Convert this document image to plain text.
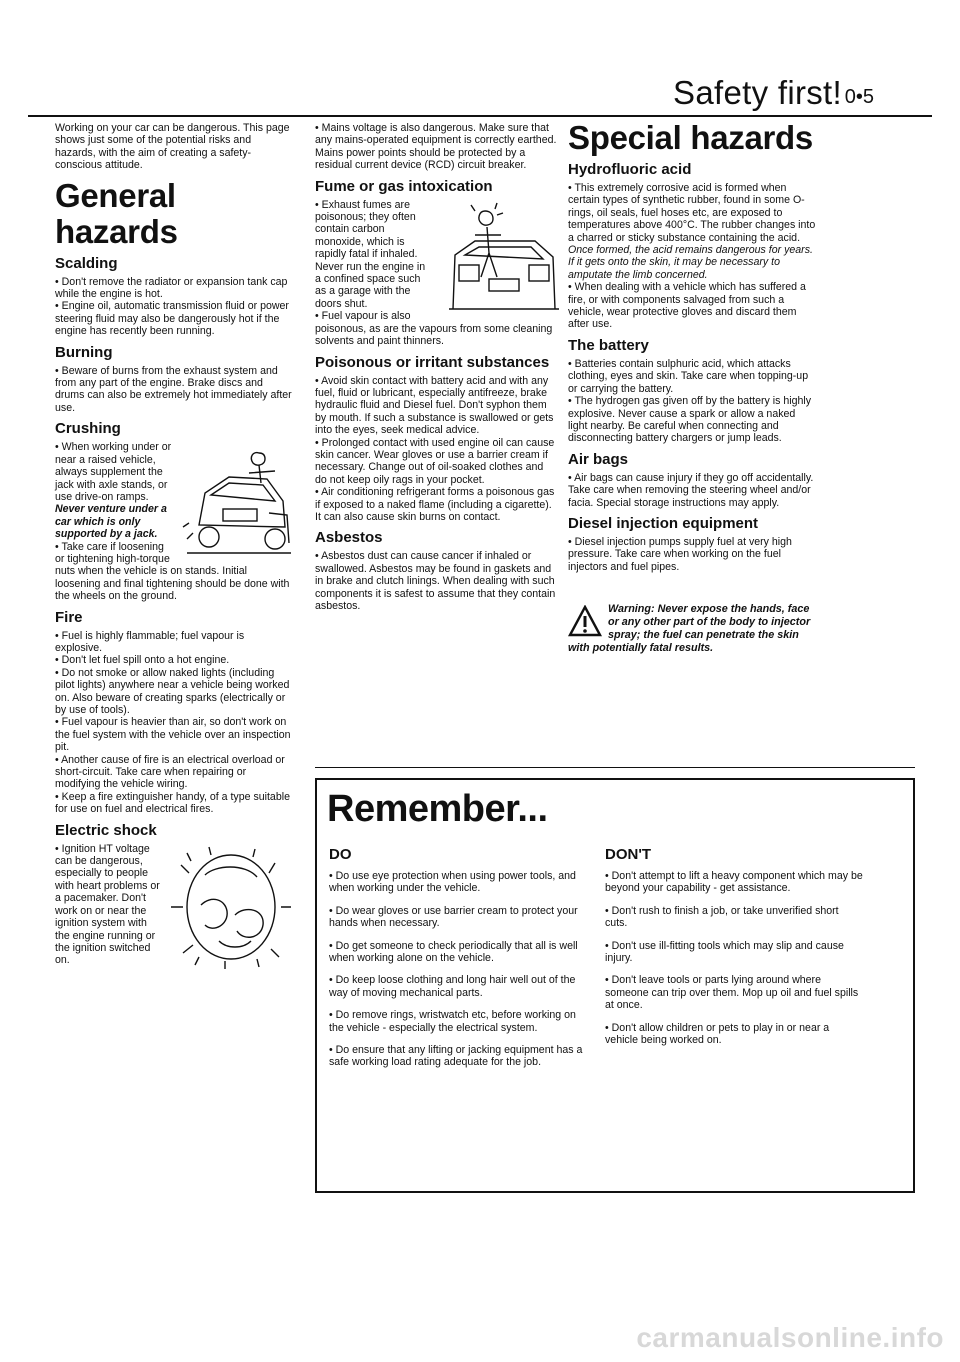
Safety first! 0•5

Working on your car can be dangerous. This page shows just some of the potential risks and hazards, with the aim of creating a safety-conscious attitude.

General hazards
Scalding

• Don't remove the radiator or expansion tank cap while the engine is hot.

• Engine oil, automatic transmission fluid or power steering fluid may also be dangerously hot if the engine has recently been running.

Burning

• Beware of burns from the exhaust system and from any part of the engine. Brake discs and drums can also be extremely hot immediately after use.

Crushing

• When working under or near a raised vehicle, always supplement the jack with axle stands, or use drive-on ramps.

Never venture under a car which is only supported by a jack.

• Take care if loosening or tightening high-torque nuts when the vehicle is on stands. Initial loosening and final tightening should be done with the wheels on the ground.

Fire

• Fuel is highly flammable; fuel vapour is explosive.

• Don't let fuel spill onto a hot engine.

• Do not smoke or allow naked lights (including pilot lights) anywhere near a vehicle being worked on. Also beware of creating sparks (electrically or by use of tools).

• Fuel vapour is heavier than air, so don't work on the fuel system with the vehicle over an inspection pit.

• Another cause of fire is an electrical overload or short-circuit. Take care when repairing or modifying the vehicle wiring.

• Keep a fire extinguisher handy, of a type suitable for use on fuel and electrical fires.

Electric shock

• Ignition HT voltage can be dangerous, especially to people with heart problems or a pacemaker. Don't work on or near the ignition system with the engine running or the ignition switched on.

• Mains voltage is also dangerous. Make sure that any mains-operated equipment is correctly earthed. Mains power points should be protected by a residual current device (RCD) circuit breaker.

Fume or gas intoxication

• Exhaust fumes are poisonous; they often contain carbon monoxide, which is rapidly fatal if inhaled. Never run the engine in a confined space such as a garage with the doors shut.

• Fuel vapour is also poisonous, as are the vapours from some cleaning solvents and paint thinners.

Poisonous or irritant substances

• Avoid skin contact with battery acid and with any fuel, fluid or lubricant, especially antifreeze, brake hydraulic fluid and Diesel fuel. Don't syphon them by mouth. If such a substance is swallowed or gets into the eyes, seek medical advice.

• Prolonged contact with used engine oil can cause skin cancer. Wear gloves or use a barrier cream if necessary. Change out of oil-soaked clothes and do not keep oily rags in your pocket.

• Air conditioning refrigerant forms a poisonous gas if exposed to a naked flame (including a cigarette). It can also cause skin burns on contact.

Asbestos

• Asbestos dust can cause cancer if inhaled or swallowed. Asbestos may be found in gaskets and in brake and clutch linings. When dealing with such components it is safest to assume that they contain asbestos.

Special hazards
Hydrofluoric acid

• This extremely corrosive acid is formed when certain types of synthetic rubber, found in some O-rings, oil seals, fuel hoses etc, are exposed to temperatures above 400°C. The rubber changes into a charred or sticky substance containing the acid. Once formed, the acid remains dangerous for years. If it gets onto the skin, it may be necessary to amputate the limb concerned.

• When dealing with a vehicle which has suffered a fire, or with components salvaged from such a vehicle, wear protective gloves and discard them after use.

The battery

• Batteries contain sulphuric acid, which attacks clothing, eyes and skin. Take care when topping-up or carrying the battery.

• The hydrogen gas given off by the battery is highly explosive. Never cause a spark or allow a naked light nearby. Be careful when connecting and disconnecting battery chargers or jump leads.

Air bags

• Air bags can cause injury if they go off accidentally. Take care when removing the steering wheel and/or facia. Special storage instructions may apply.

Diesel injection equipment

• Diesel injection pumps supply fuel at very high pressure. Take care when working on the fuel injectors and fuel pipes.

Warning: Never expose the hands, face or any other part of the body to injector spray; the fuel can penetrate the skin with potentially fatal results.
Remember...
DO

• Do use eye protection when using power tools, and when working under the vehicle.

• Do wear gloves or use barrier cream to protect your hands when necessary.

• Do get someone to check periodically that all is well when working alone on the vehicle.

• Do keep loose clothing and long hair well out of the way of moving mechanical parts.

• Do remove rings, wristwatch etc, before working on the vehicle - especially the electrical system.

• Do ensure that any lifting or jacking equipment has a safe working load rating adequate for the job.

DON'T

• Don't attempt to lift a heavy component which may be beyond your capability - get assistance.

• Don't rush to finish a job, or take unverified short cuts.

• Don't use ill-fitting tools which may slip and cause injury.

• Don't leave tools or parts lying around where someone can trip over them. Mop up oil and fuel spills at once.

• Don't allow children or pets to play in or near a vehicle being worked on.

carmanualsonline.info
